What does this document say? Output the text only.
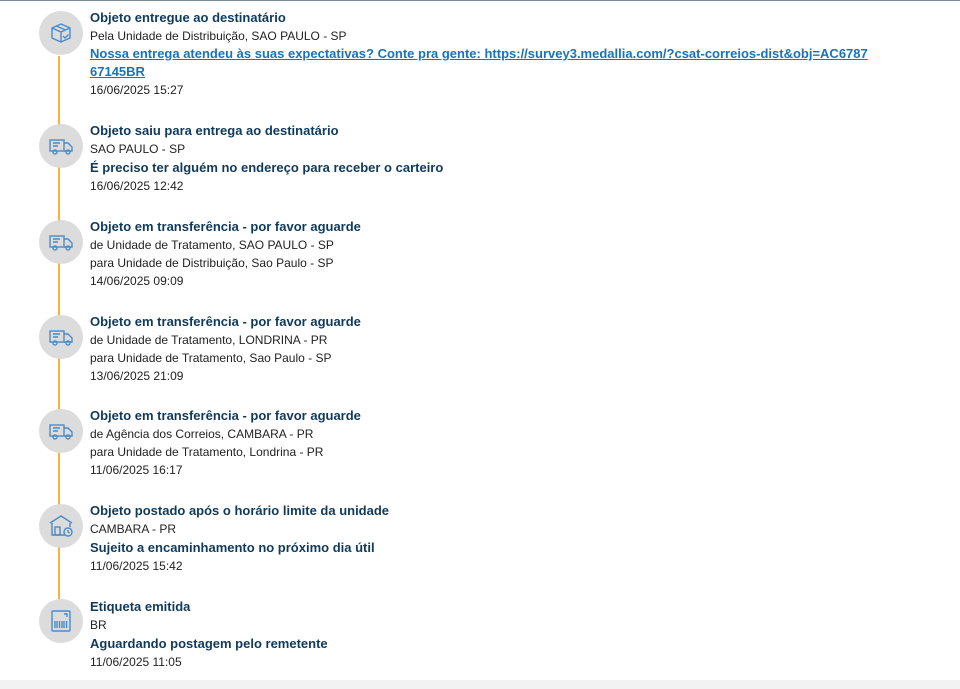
Objeto entregue ao destinatário
Pela Unidade de Distribuição, SAO PAULO - SP
Nossa entrega atendeu às suas expectativas? Conte pra gente: https://survey3.medallia.com/?csat-correios-dist&obj=AC678767145BR
16/06/2025 15:27
Objeto saiu para entrega ao destinatário
SAO PAULO - SP
É preciso ter alguém no endereço para receber o carteiro
16/06/2025 12:42
Objeto em transferência - por favor aguarde
de Unidade de Tratamento, SAO PAULO - SP
para Unidade de Distribuição, Sao Paulo - SP
14/06/2025 09:09
Objeto em transferência - por favor aguarde
de Unidade de Tratamento, LONDRINA - PR
para Unidade de Tratamento, Sao Paulo - SP
13/06/2025 21:09
Objeto em transferência - por favor aguarde
de Agência dos Correios, CAMBARA - PR
para Unidade de Tratamento, Londrina - PR
11/06/2025 16:17
Objeto postado após o horário limite da unidade
CAMBARA - PR
Sujeito a encaminhamento no próximo dia útil
11/06/2025 15:42
Etiqueta emitida
BR
Aguardando postagem pelo remetente
11/06/2025 11:05
